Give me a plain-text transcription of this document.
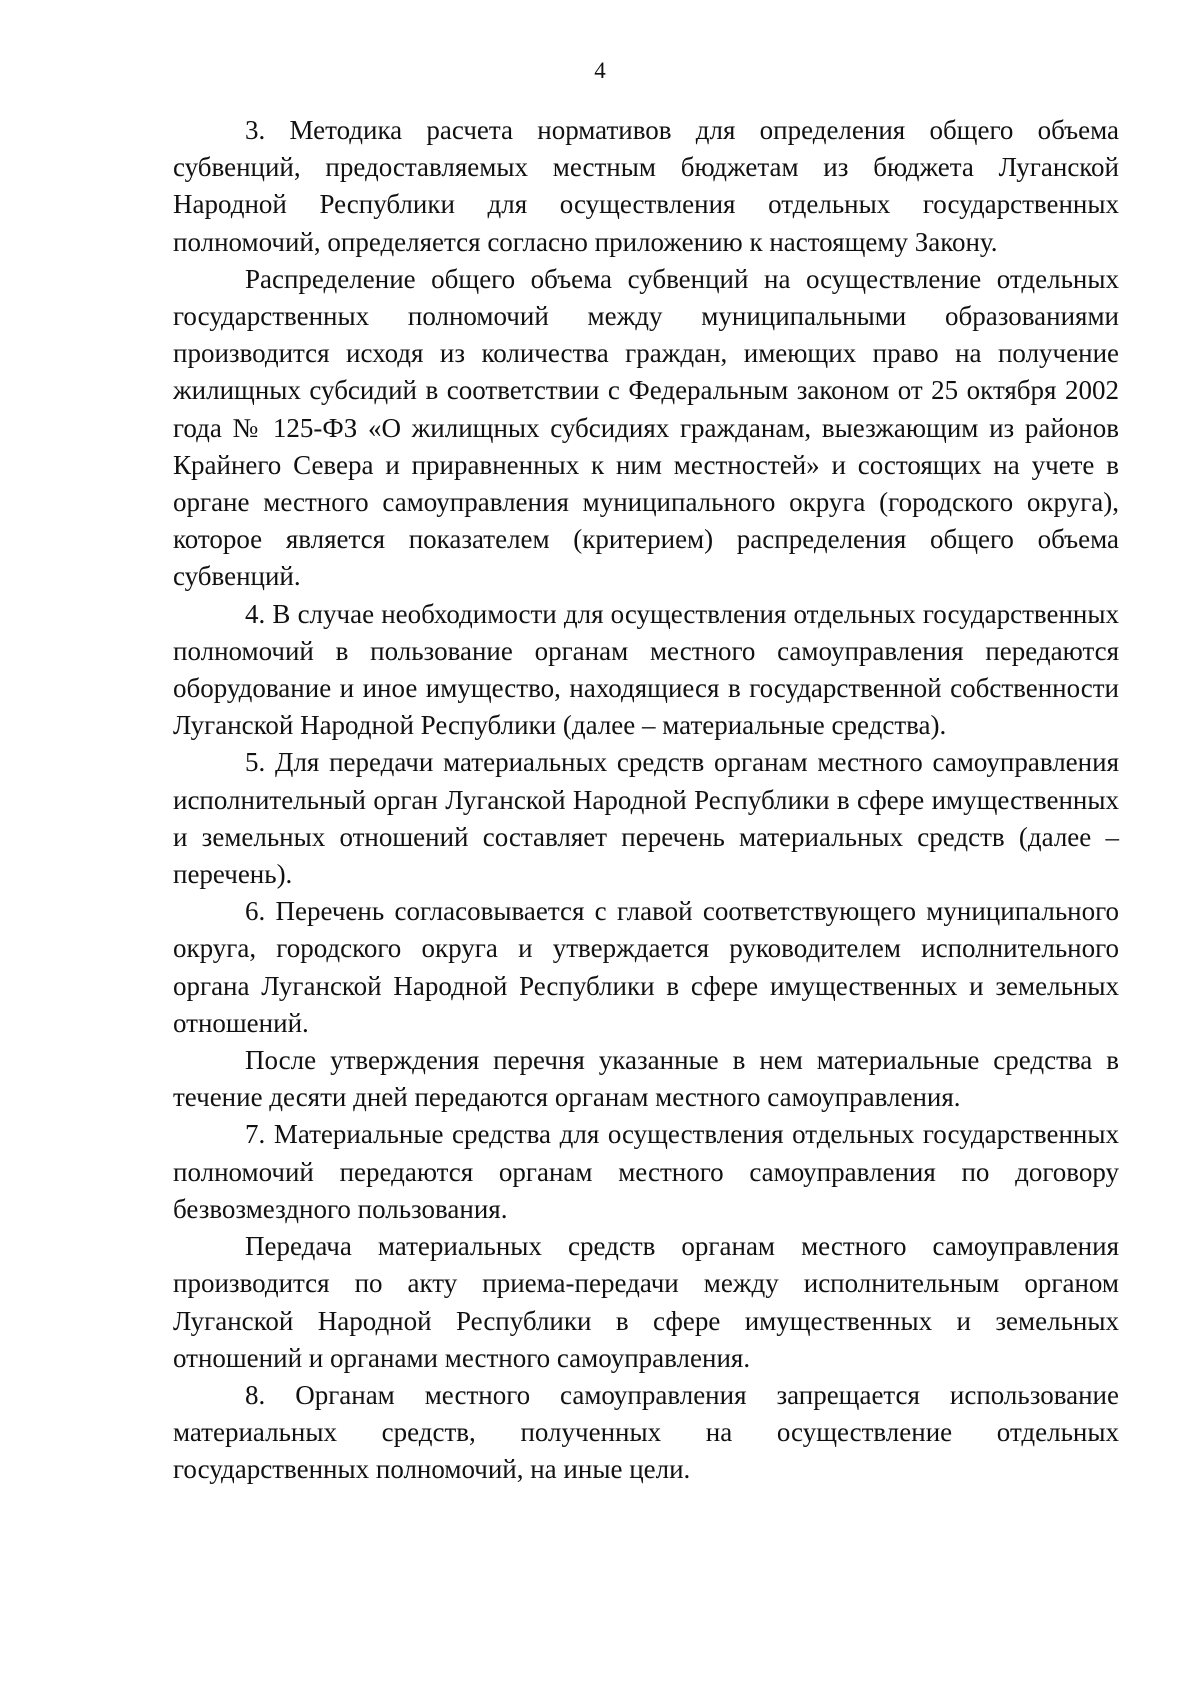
4

3. Методика расчета нормативов для определения общего объема субвенций, предоставляемых местным бюджетам из бюджета Луганской Народной Республики для осуществления отдельных государственных полномочий, определяется согласно приложению к настоящему Закону.

Распределение общего объема субвенций на осуществление отдельных государственных полномочий между муниципальными образованиями производится исходя из количества граждан, имеющих право на получение жилищных субсидий в соответствии с Федеральным законом от 25 октября 2002 года № 125-ФЗ «О жилищных субсидиях гражданам, выезжающим из районов Крайнего Севера и приравненных к ним местностей» и состоящих на учете в органе местного самоуправления муниципального округа (городского округа), которое является показателем (критерием) распределения общего объема субвенций.

4. В случае необходимости для осуществления отдельных государственных полномочий в пользование органам местного самоуправления передаются оборудование и иное имущество, находящиеся в государственной собственности Луганской Народной Республики (далее – материальные средства).

5. Для передачи материальных средств органам местного самоуправления исполнительный орган Луганской Народной Республики в сфере имущественных и земельных отношений составляет перечень материальных средств (далее – перечень).

6. Перечень согласовывается с главой соответствующего муниципального округа, городского округа и утверждается руководителем исполнительного органа Луганской Народной Республики в сфере имущественных и земельных отношений.

После утверждения перечня указанные в нем материальные средства в течение десяти дней передаются органам местного самоуправления.

7. Материальные средства для осуществления отдельных государственных полномочий передаются органам местного самоуправления по договору безвозмездного пользования.

Передача материальных средств органам местного самоуправления производится по акту приема-передачи между исполнительным органом Луганской Народной Республики в сфере имущественных и земельных отношений и органами местного самоуправления.

8. Органам местного самоуправления запрещается использование материальных средств, полученных на осуществление отдельных государственных полномочий, на иные цели.
